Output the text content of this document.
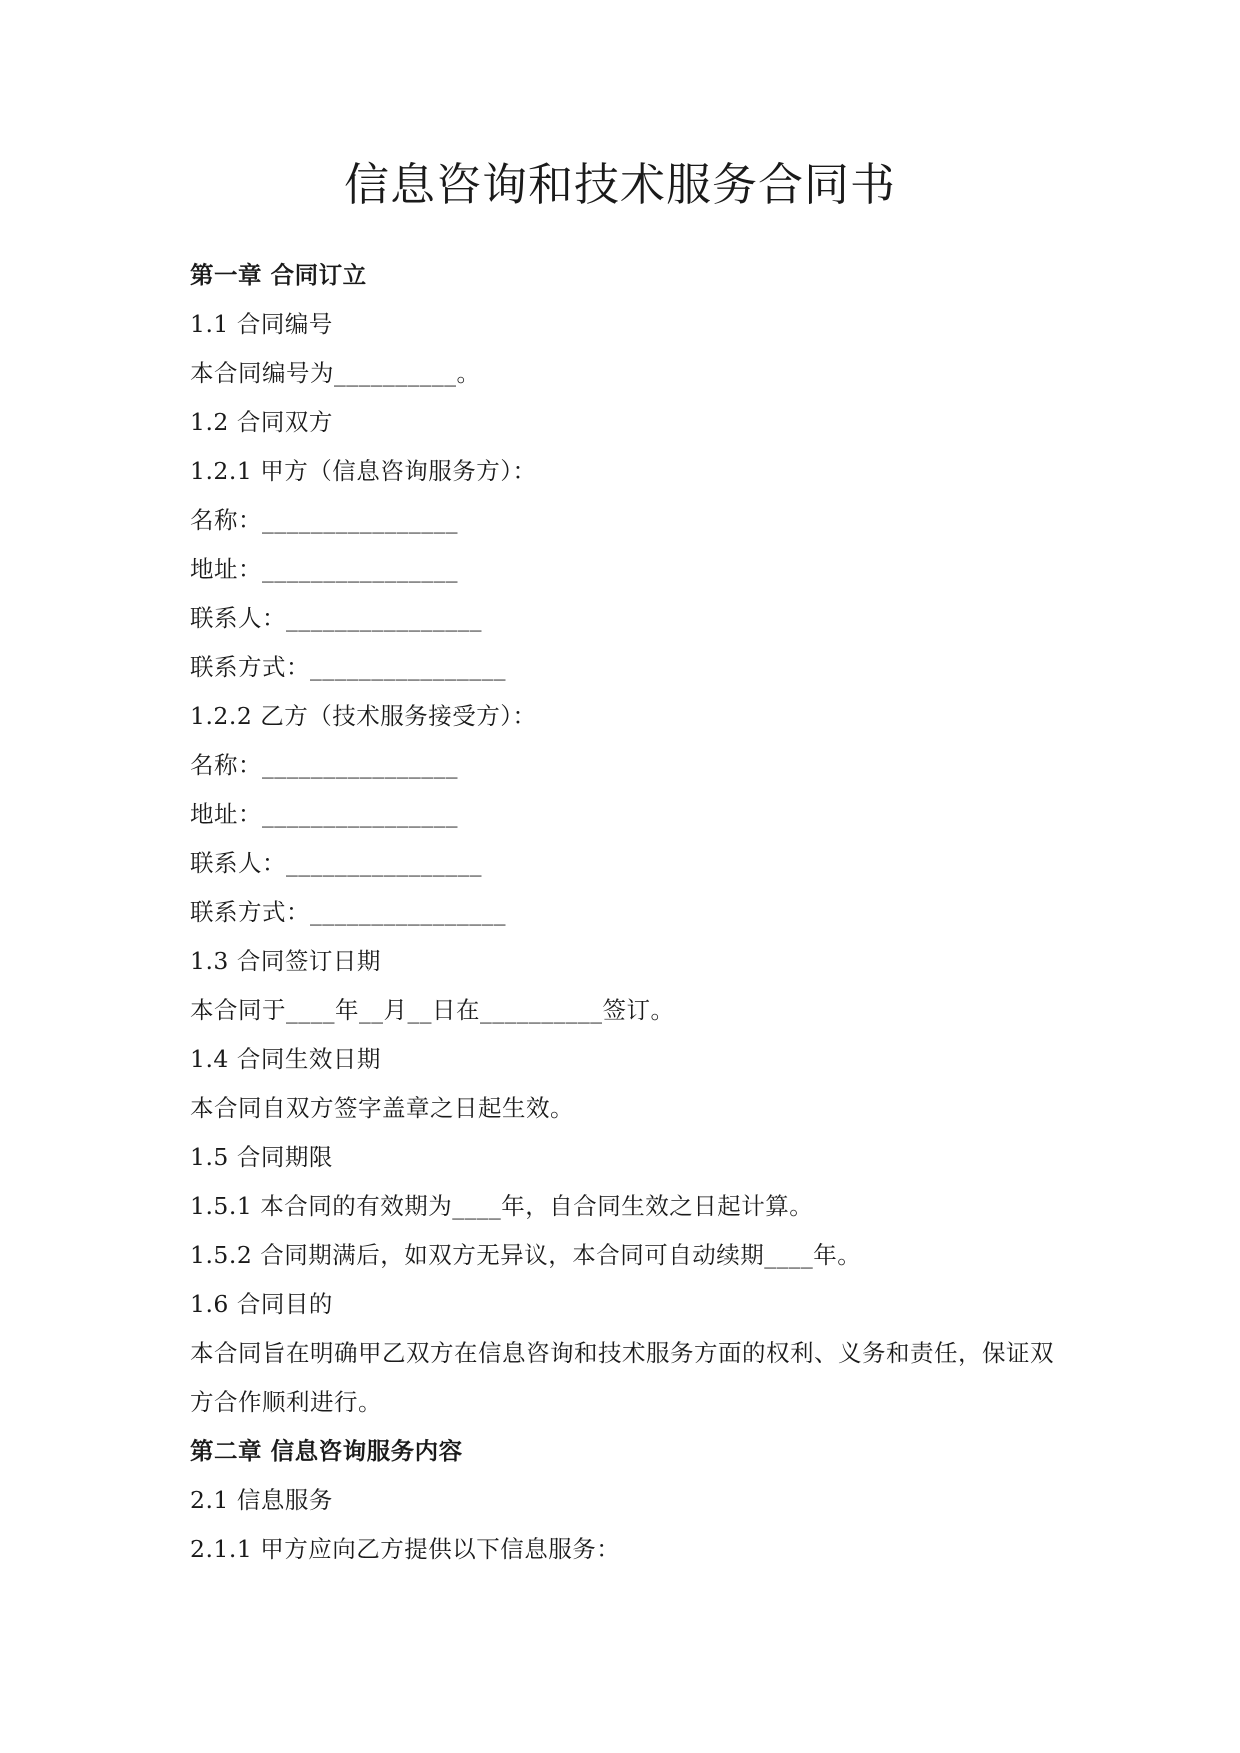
信息咨询和技术服务合同书
第一章 合同订立
1.1 合同编号
本合同编号为__________。
1.2 合同双方
1.2.1 甲方（信息咨询服务方）：
名称：________________
地址：________________
联系人：________________
联系方式：________________
1.2.2 乙方（技术服务接受方）：
名称：________________
地址：________________
联系人：________________
联系方式：________________
1.3 合同签订日期
本合同于____年__月__日在__________签订。
1.4 合同生效日期
本合同自双方签字盖章之日起生效。
1.5 合同期限
1.5.1 本合同的有效期为____年，自合同生效之日起计算。
1.5.2 合同期满后，如双方无异议，本合同可自动续期____年。
1.6 合同目的
本合同旨在明确甲乙双方在信息咨询和技术服务方面的权利、义务和责任，保证双方合作顺利进行。
第二章 信息咨询服务内容
2.1 信息服务
2.1.1 甲方应向乙方提供以下信息服务：
